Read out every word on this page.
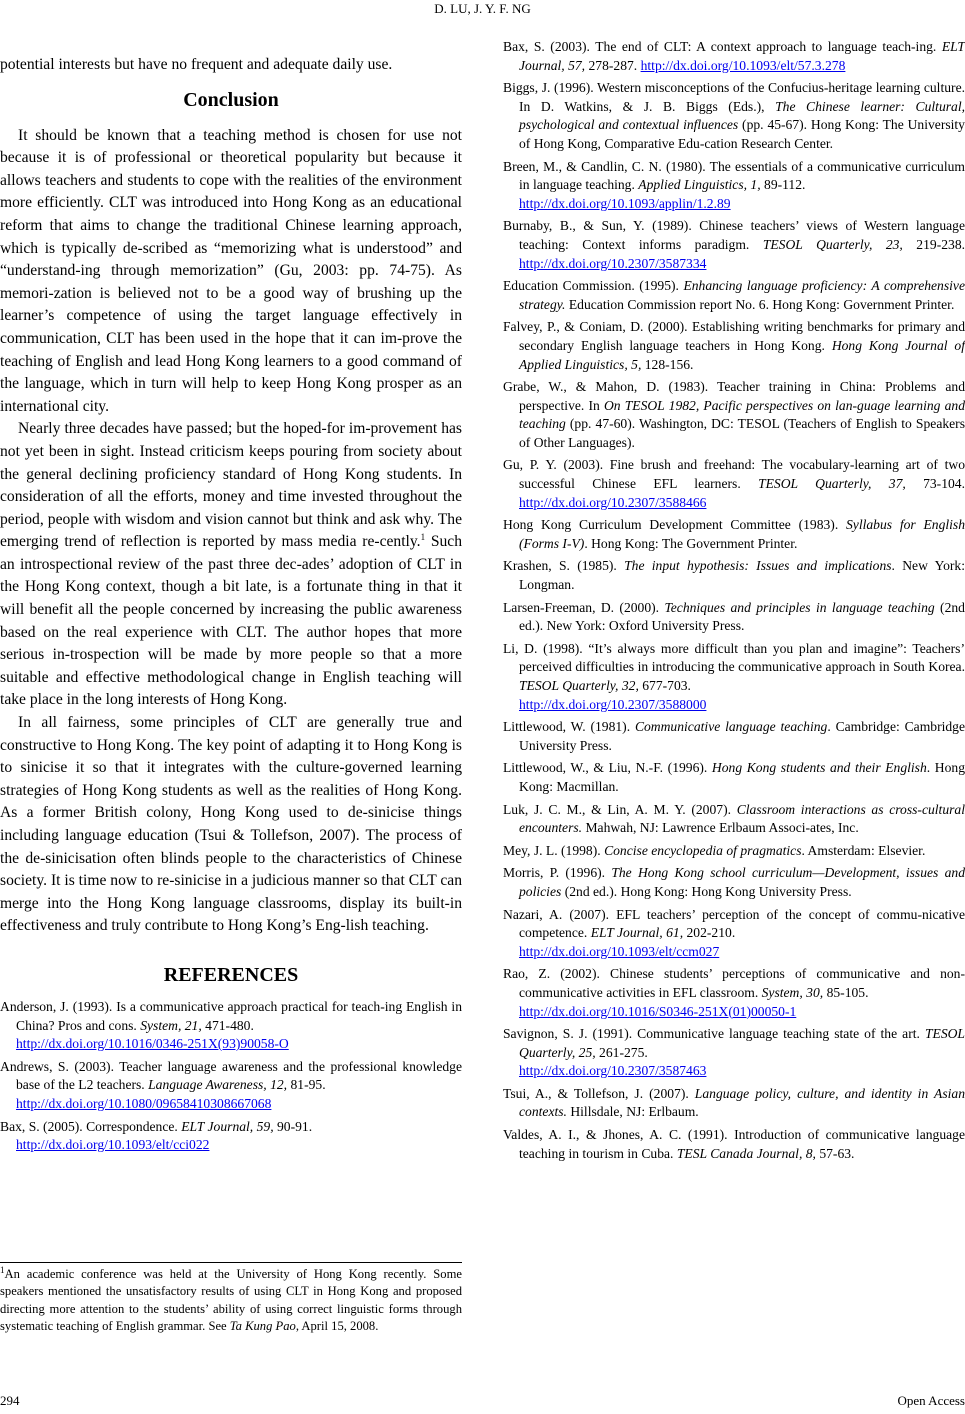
D. LU, J. Y. F. NG

potential interests but have no frequent and adequate daily use.

Conclusion

It should be known that a teaching method is chosen for use not because it is of professional or theoretical popularity but because it allows teachers and students to cope with the realities of the environment more efficiently. CLT was introduced into Hong Kong as an educational reform that aims to change the traditional Chinese learning approach, which is typically de-scribed as “memorizing what is understood” and “understand-ing through memorization” (Gu, 2003: pp. 74-75). As memori-zation is believed not to be a good way of brushing up the learner’s competence of using the target language effectively in communication, CLT has been used in the hope that it can im-prove the teaching of English and lead Hong Kong learners to a good command of the language, which in turn will help to keep Hong Kong prosper as an international city.

Nearly three decades have passed; but the hoped-for im-provement has not yet been in sight. Instead criticism keeps pouring from society about the general declining proficiency standard of Hong Kong students. In consideration of all the efforts, money and time invested throughout the period, people with wisdom and vision cannot but think and ask why. The emerging trend of reflection is reported by mass media re-cently.$^1$ Such an introspectional review of the past three dec-ades’ adoption of CLT in the Hong Kong context, though a bit late, is a fortunate thing in that it will benefit all the people concerned by increasing the public awareness based on the real experience with CLT. The author hopes that more serious in-trospection will be made by more people so that a more suitable and effective methodological change in English teaching will take place in the long interests of Hong Kong.

In all fairness, some principles of CLT are generally true and constructive to Hong Kong. The key point of adapting it to Hong Kong is to sinicise it so that it integrates with the culture-governed learning strategies of Hong Kong students as well as the realities of Hong Kong. As a former British colony, Hong Kong used to de-sinicise things including language education (Tsui & Tollefson, 2007). The process of the de-sinicisation often blinds people to the characteristics of Chinese society. It is time now to re-sinicise in a judicious manner so that CLT can merge into the Hong Kong language classrooms, display its built-in effectiveness and truly contribute to Hong Kong’s Eng-lish teaching.

REFERENCES

Anderson, J. (1993). Is a communicative approach practical for teach-ing English in China? Pros and cons. System, 21, 471-480.
http://dx.doi.org/10.1016/0346-251X(93)90058-O

Andrews, S. (2003). Teacher language awareness and the professional knowledge base of the L2 teachers. Language Awareness, 12, 81-95.
http://dx.doi.org/10.1080/09658410308667068

Bax, S. (2005). Correspondence. ELT Journal, 59, 90-91.
http://dx.doi.org/10.1093/elt/cci022

Bax, S. (2003). The end of CLT: A context approach to language teach-ing. ELT Journal, 57, 278-287. http://dx.doi.org/10.1093/elt/57.3.278

Biggs, J. (1996). Western misconceptions of the Confucius-heritage learning culture. In D. Watkins, & J. B. Biggs (Eds.), The Chinese learner: Cultural, psychological and contextual influences (pp. 45-67). Hong Kong: The University of Hong Kong, Comparative Edu-cation Research Center.

Breen, M., & Candlin, C. N. (1980). The essentials of a communicative curriculum in language teaching. Applied Linguistics, 1, 89-112.
http://dx.doi.org/10.1093/applin/1.2.89

Burnaby, B., & Sun, Y. (1989). Chinese teachers’ views of Western language teaching: Context informs paradigm. TESOL Quarterly, 23, 219-238. http://dx.doi.org/10.2307/3587334

Education Commission. (1995). Enhancing language proficiency: A comprehensive strategy. Education Commission report No. 6. Hong Kong: Government Printer.

Falvey, P., & Coniam, D. (2000). Establishing writing benchmarks for primary and secondary English language teachers in Hong Kong. Hong Kong Journal of Applied Linguistics, 5, 128-156.

Grabe, W., & Mahon, D. (1983). Teacher training in China: Problems and perspective. In On TESOL 1982, Pacific perspectives on lan-guage learning and teaching (pp. 47-60). Washington, DC: TESOL (Teachers of English to Speakers of Other Languages).

Gu, P. Y. (2003). Fine brush and freehand: The vocabulary-learning art of two successful Chinese EFL learners. TESOL Quarterly, 37, 73-104. http://dx.doi.org/10.2307/3588466

Hong Kong Curriculum Development Committee (1983). Syllabus for English (Forms I-V). Hong Kong: The Government Printer.

Krashen, S. (1985). The input hypothesis: Issues and implications. New York: Longman.

Larsen-Freeman, D. (2000). Techniques and principles in language teaching (2nd ed.). New York: Oxford University Press.

Li, D. (1998). “It’s always more difficult than you plan and imagine”: Teachers’ perceived difficulties in introducing the communicative approach in South Korea. TESOL Quarterly, 32, 677-703.
http://dx.doi.org/10.2307/3588000

Littlewood, W. (1981). Communicative language teaching. Cambridge: Cambridge University Press.

Littlewood, W., & Liu, N.-F. (1996). Hong Kong students and their English. Hong Kong: Macmillan.

Luk, J. C. M., & Lin, A. M. Y. (2007). Classroom interactions as cross-cultural encounters. Mahwah, NJ: Lawrence Erlbaum Associ-ates, Inc.

Mey, J. L. (1998). Concise encyclopedia of pragmatics. Amsterdam: Elsevier.

Morris, P. (1996). The Hong Kong school curriculum—Development, issues and policies (2nd ed.). Hong Kong: Hong Kong University Press.

Nazari, A. (2007). EFL teachers’ perception of the concept of commu-nicative competence. ELT Journal, 61, 202-210.
http://dx.doi.org/10.1093/elt/ccm027

Rao, Z. (2002). Chinese students’ perceptions of communicative and non-communicative activities in EFL classroom. System, 30, 85-105.
http://dx.doi.org/10.1016/S0346-251X(01)00050-1

Savignon, S. J. (1991). Communicative language teaching state of the art. TESOL Quarterly, 25, 261-275.
http://dx.doi.org/10.2307/3587463

Tsui, A., & Tollefson, J. (2007). Language policy, culture, and identity in Asian contexts. Hillsdale, NJ: Erlbaum.

Valdes, A. I., & Jhones, A. C. (1991). Introduction of communicative language teaching in tourism in Cuba. TESL Canada Journal, 8, 57-63.

$^1$An academic conference was held at the University of Hong Kong recently. Some speakers mentioned the unsatisfactory results of using CLT in Hong Kong and proposed directing more attention to the students’ ability of using correct linguistic forms through systematic teaching of English grammar. See Ta Kung Pao, April 15, 2008.
294	Open Access
